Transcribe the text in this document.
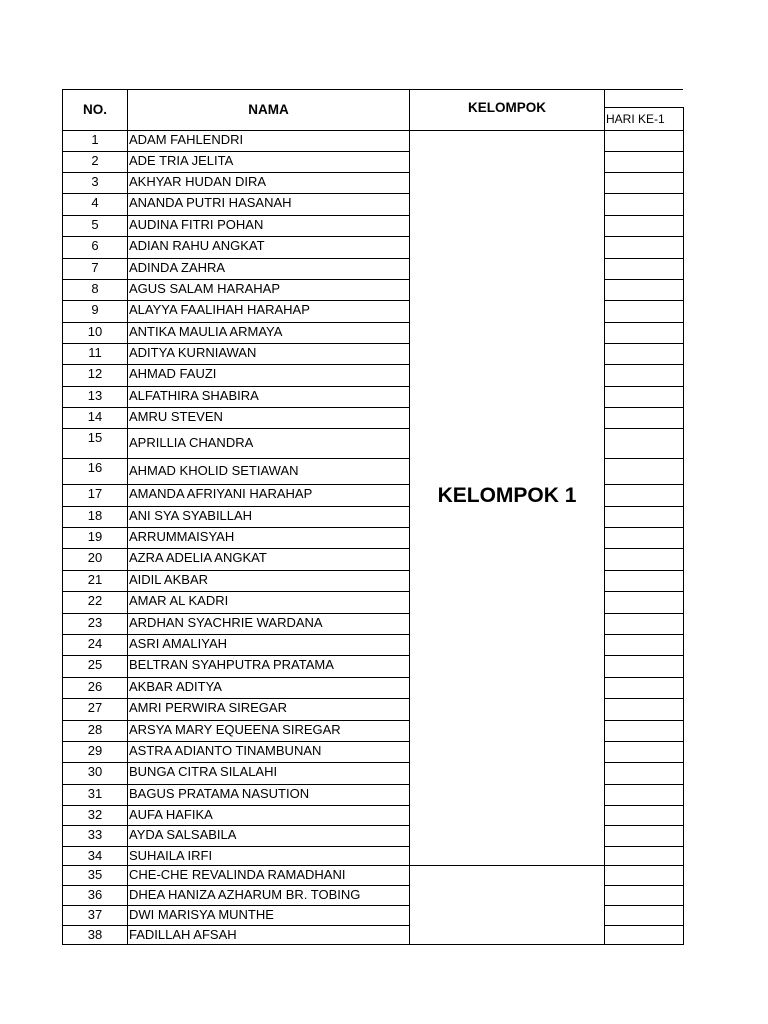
NO.	NAMA	KELOMPOK
HARI KE-1
1	ADAM FAHLENDRI
2	ADE TRIA JELITA
3	AKHYAR HUDAN DIRA
4	ANANDA PUTRI HASANAH
5	AUDINA FITRI POHAN
6	ADIAN RAHU ANGKAT
7	ADINDA ZAHRA
8	AGUS SALAM HARAHAP
9	ALAYYA FAALIHAH HARAHAP
10	ANTIKA MAULIA ARMAYA
11	ADITYA KURNIAWAN
12	AHMAD FAUZI
13	ALFATHIRA SHABIRA
14	AMRU STEVEN
15	APRILLIA CHANDRA
16	AHMAD KHOLID SETIAWAN
17	AMANDA AFRIYANI HARAHAP
18	ANI SYA SYABILLAH
19	ARRUMMAISYAH
20	AZRA ADELIA ANGKAT
21	AIDIL AKBAR
22	AMAR AL KADRI
23	ARDHAN SYACHRIE WARDANA
24	ASRI AMALIYAH
25	BELTRAN SYAHPUTRA PRATAMA
26	AKBAR ADITYA
27	AMRI PERWIRA SIREGAR
28	ARSYA MARY EQUEENA SIREGAR
29	ASTRA ADIANTO TINAMBUNAN
30	BUNGA CITRA SILALAHI
31	BAGUS PRATAMA NASUTION
32	AUFA HAFIKA
33	AYDA SALSABILA
34	SUHAILA IRFI
35	CHE-CHE REVALINDA RAMADHANI
36	DHEA HANIZA AZHARUM BR. TOBING
37	DWI MARISYA MUNTHE
38	FADILLAH AFSAH
KELOMPOK 1
